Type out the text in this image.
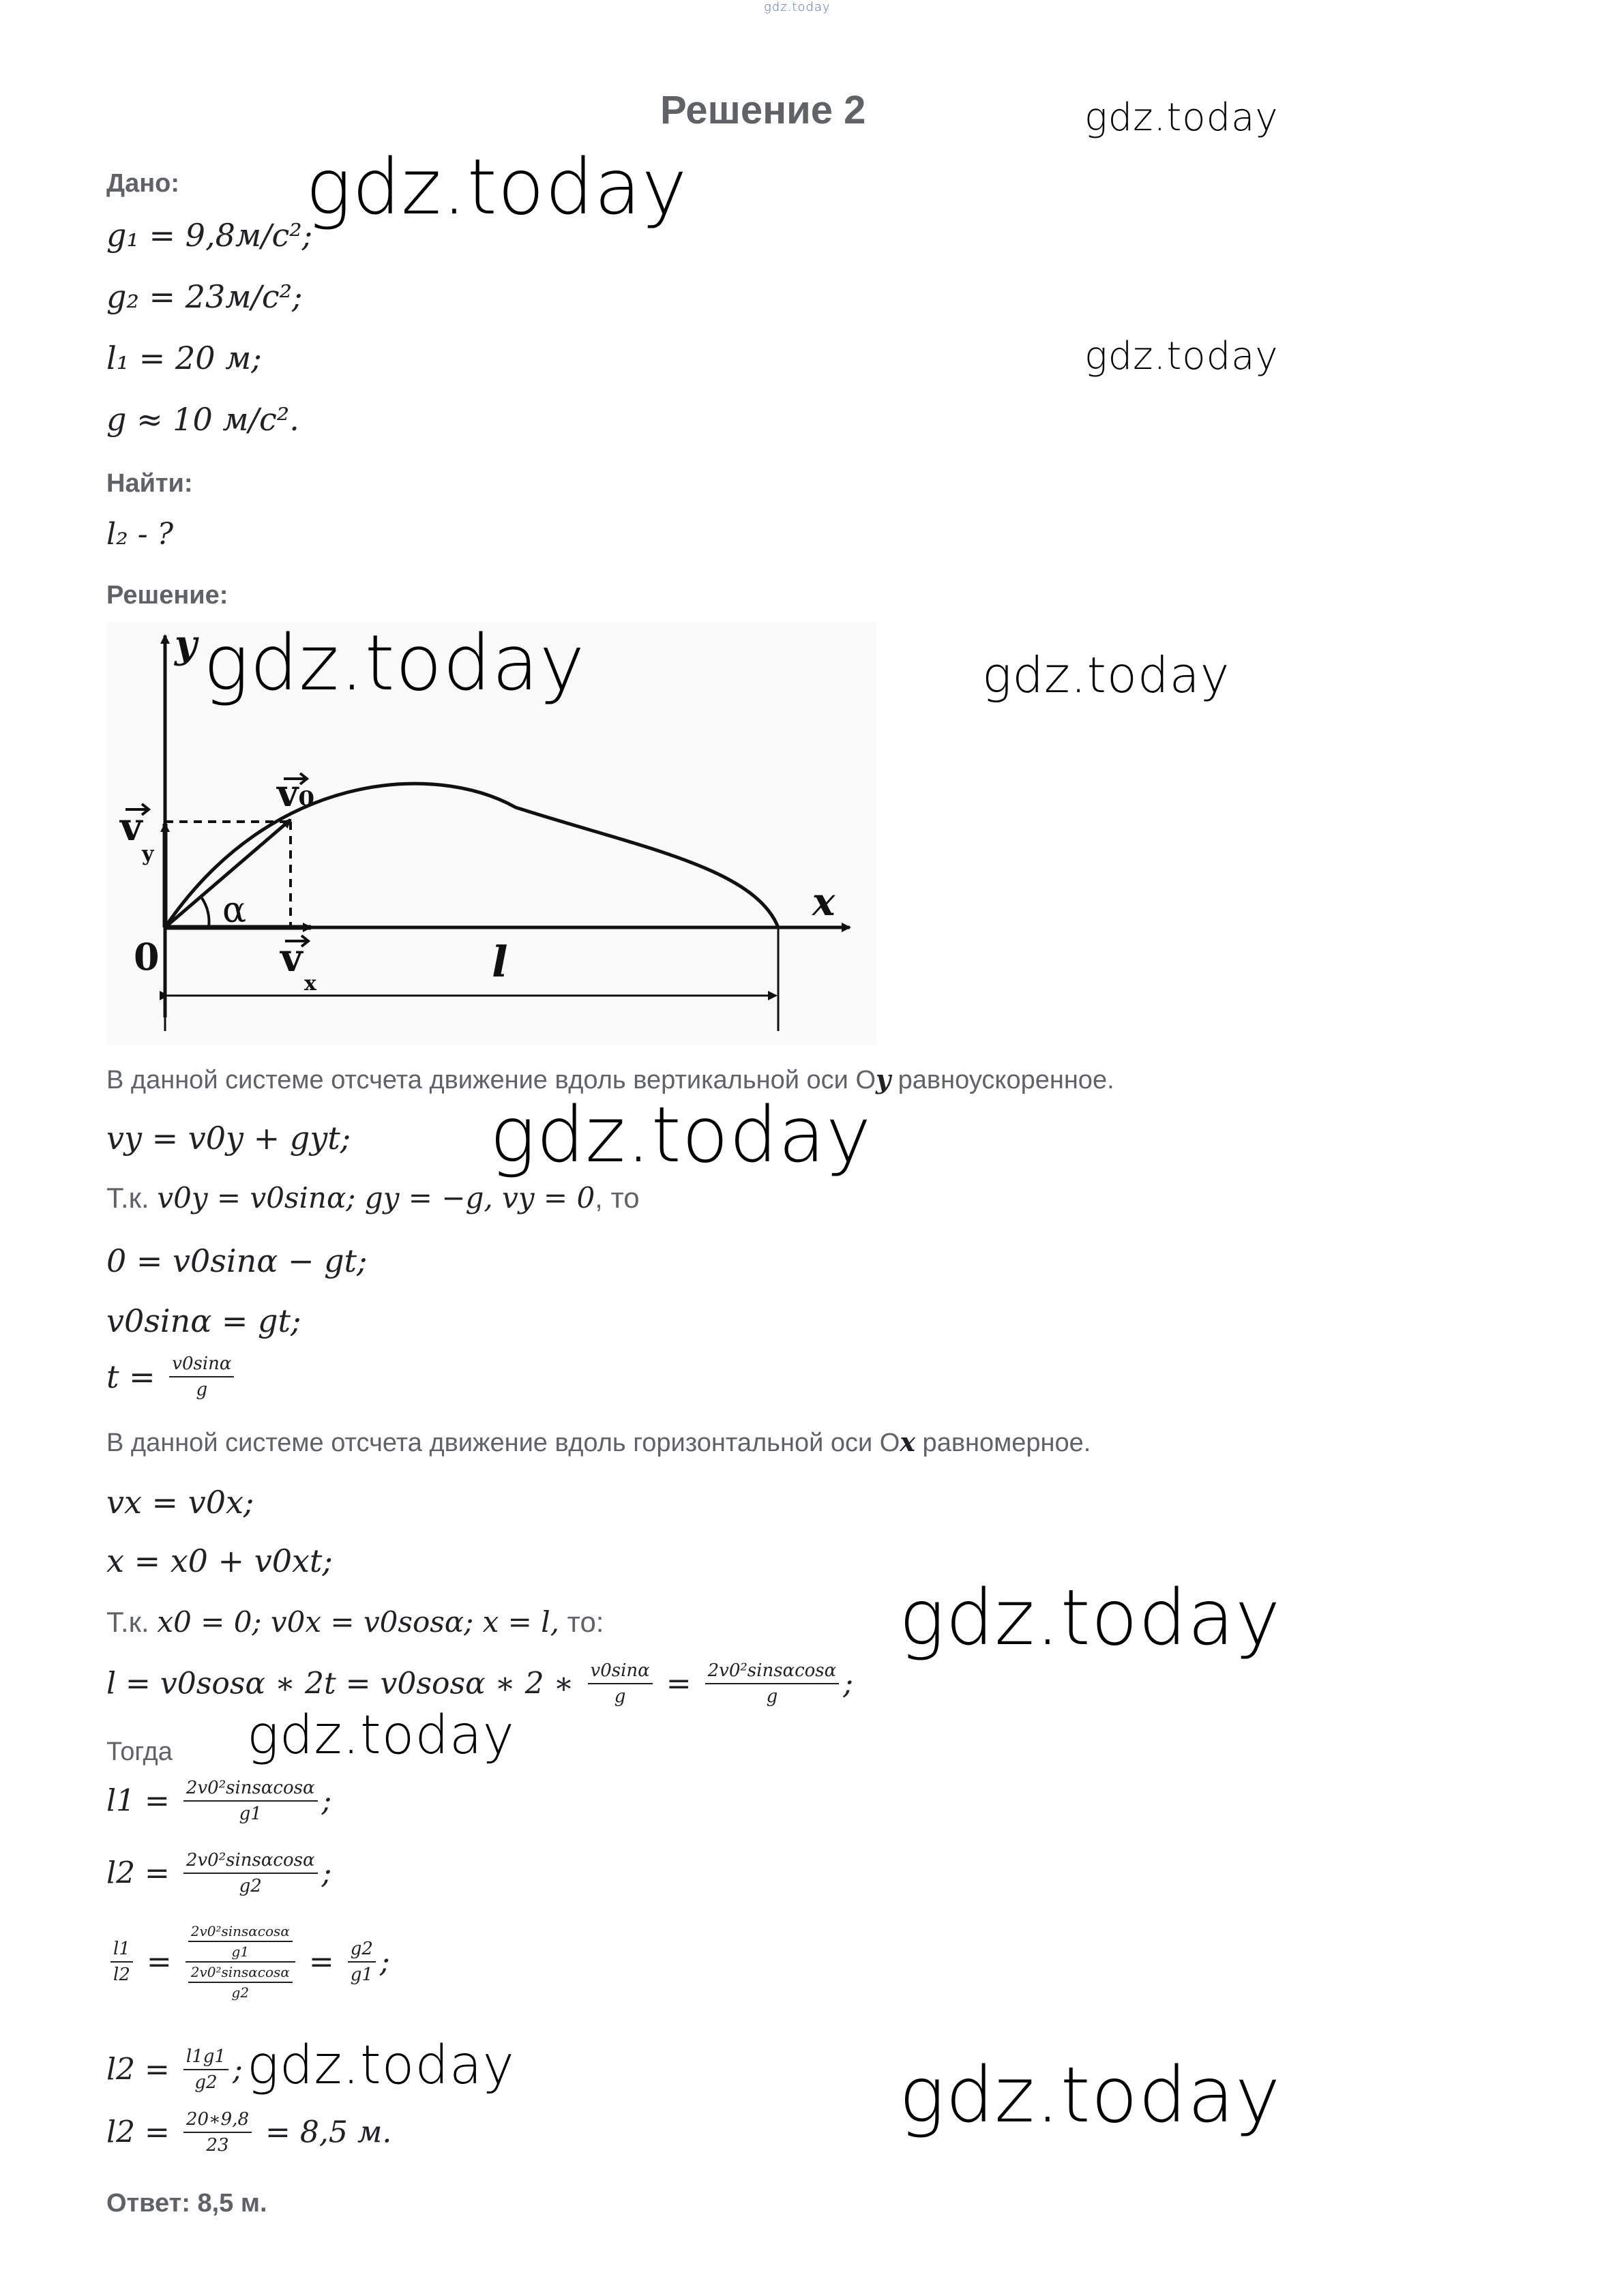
gdz.today
Решение 2
Дано:
g₁ = 9,8м/с²;
g₂ = 23м/с²;
l₁ = 20 м;
g ≈ 10 м/с².
Найти:
l₂ - ?
Решение:
y
x
0
v₀
v
y
v
x
α
l
В данной системе отсчета движение вдоль вертикальной оси Oy равноускоренное.
vy = v0y + gyt;
Т.к. v0y = v0sinα; gy = −g, vy = 0, то
0 = v0sinα − gt;
v0sinα = gt;
$t = \frac{v0\sin\alpha}{g}$
В данной системе отсчета движение вдоль горизонтальной оси Ox равномерное.
vx = v0x;
x = x0 + v0xt;
Т.к. x0 = 0; v0x = v0sosα; x = l, то:
l = v0sosα ∗ 2t = v0sosα ∗ 2 ∗ $\frac{v0\sin\alpha}{g} = \frac{\text{2v0²sinsαcosα}}{g}$ ;
Тогда
$l1 = \frac{\text{2v0²sinsαcosα}}{g1}$ ;
$l2 = \frac{\text{2v0²sinsαcosα}}{g2}$ ;
$\frac{l1}{l2} = \frac{\frac{\text{2v0²sinsαcosα}}{g1}}{\frac{\text{2v0²sinsαcosα}}{g2}} = \frac{g2}{g1}$ ;
$l2 = \frac{l1g1}{g2}$ ;
$l2 = \frac{20∗9,8}{23} = 8,5$ м.
Ответ: 8,5 м.
gdz.today
gdz.today
gdz.today
gdz.today	gdz.today
gdz.today
gdz.today
gdz.today
gdz.today	gdz.today
